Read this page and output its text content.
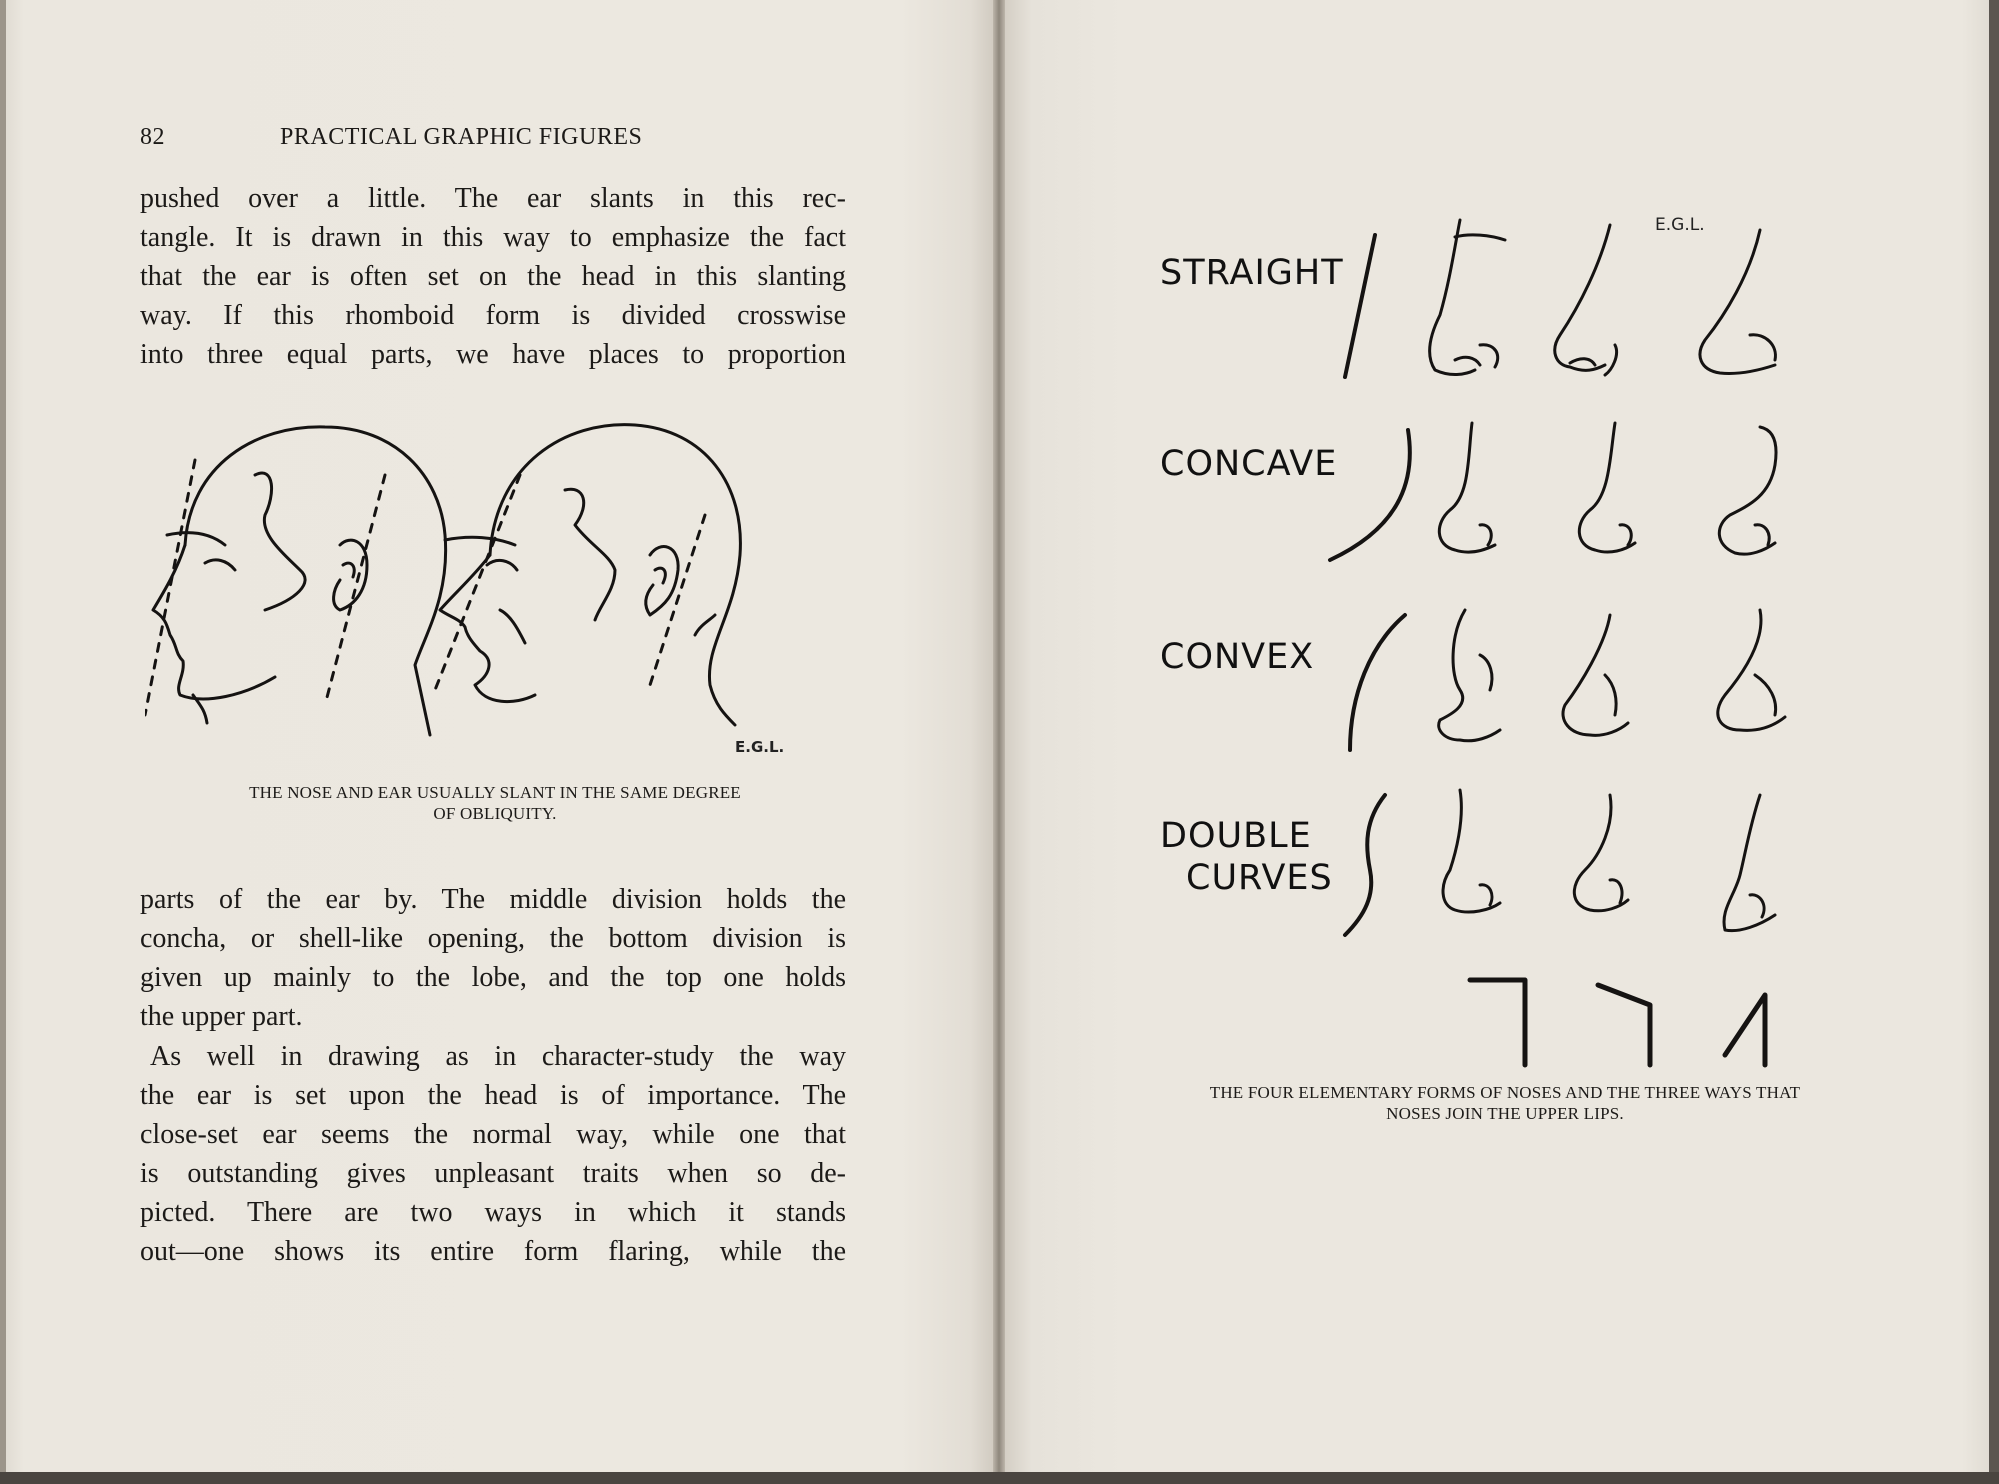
82	PRACTICAL GRAPHIC FIGURES
pushed over a little. The ear slants in this rec-
tangle. It is drawn in this way to emphasize the fact
that the ear is often set on the head in this slanting
way. If this rhomboid form is divided crosswise
into three equal parts, we have places to proportion
E.G.L.
THE NOSE AND EAR USUALLY SLANT IN THE SAME DEGREE
OF OBLIQUITY.
parts of the ear by. The middle division holds the
concha, or shell-like opening, the bottom division is
given up mainly to the lobe, and the top one holds
the upper part.
As well in drawing as in character-study the way
the ear is set upon the head is of importance. The
close-set ear seems the normal way, while one that
is outstanding gives unpleasant traits when so de-
picted. There are two ways in which it stands
out—one shows its entire form flaring, while the
STRAIGHT
CONCAVE
CONVEX
DOUBLE
CURVES
E.G.L.
THE FOUR ELEMENTARY FORMS OF NOSES AND THE THREE WAYS THAT
NOSES JOIN THE UPPER LIPS.
